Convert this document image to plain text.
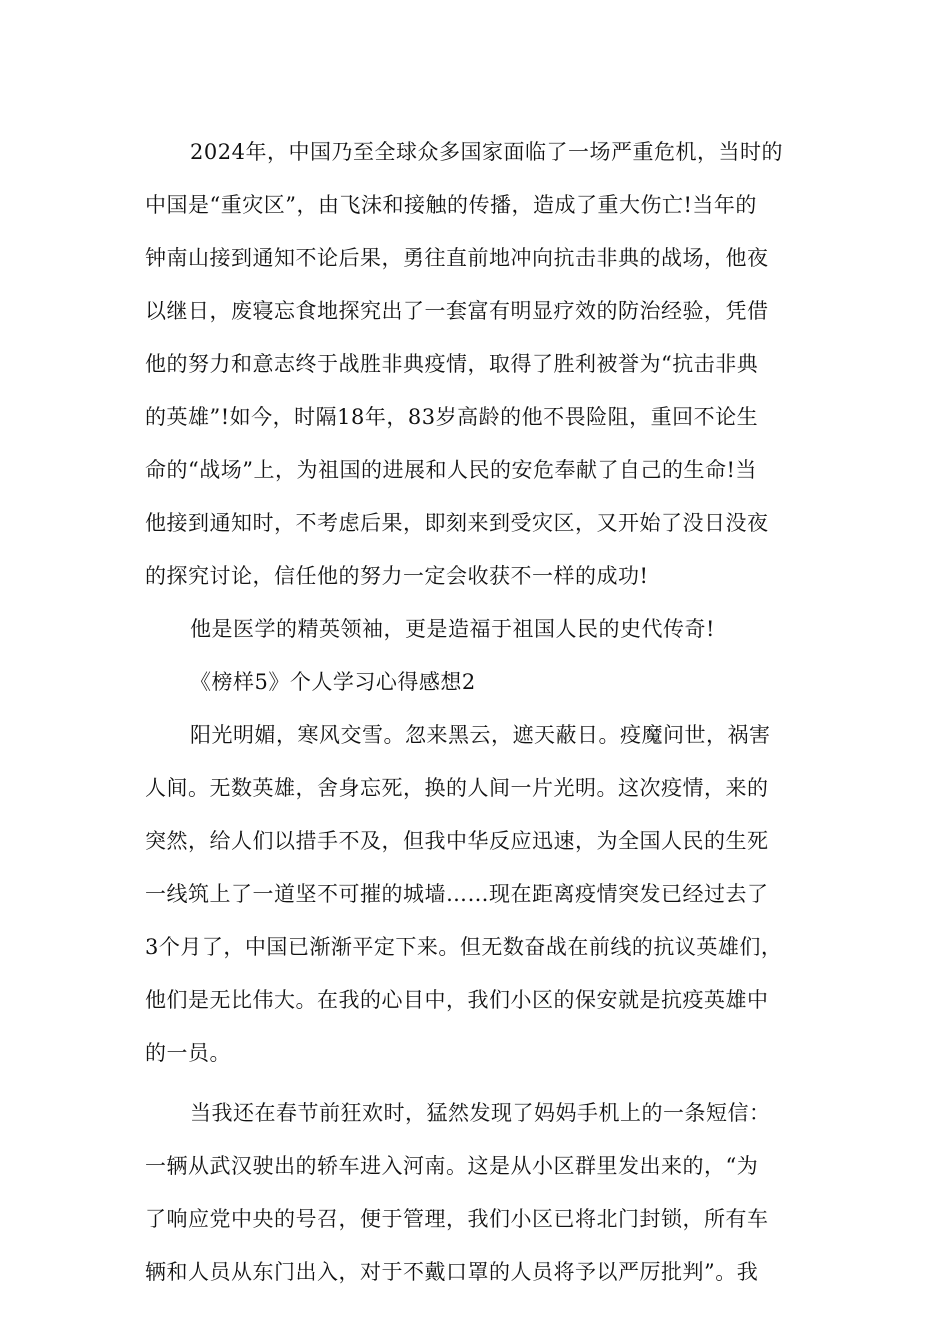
2024年，中国乃至全球众多国家面临了一场严重危机，当时的
中国是“重灾区”，由飞沫和接触的传播，造成了重大伤亡!当年的
钟南山接到通知不论后果，勇往直前地冲向抗击非典的战场，他夜
以继日，废寝忘食地探究出了一套富有明显疗效的防治经验，凭借
他的努力和意志终于战胜非典疫情，取得了胜利被誉为“抗击非典
的英雄”!如今，时隔18年，83岁高龄的他不畏险阻，重回不论生
命的“战场”上，为祖国的进展和人民的安危奉献了自己的生命!当
他接到通知时，不考虑后果，即刻来到受灾区，又开始了没日没夜
的探究讨论，信任他的努力一定会收获不一样的成功!
他是医学的精英领袖，更是造福于祖国人民的史代传奇!
《榜样5》个人学习心得感想2
阳光明媚，寒风交雪。忽来黑云，遮天蔽日。疫魔问世，祸害
人间。无数英雄，舍身忘死，换的人间一片光明。这次疫情，来的
突然，给人们以措手不及，但我中华反应迅速，为全国人民的生死
一线筑上了一道坚不可摧的城墙……现在距离疫情突发已经过去了
3个月了，中国已渐渐平定下来。但无数奋战在前线的抗议英雄们，
他们是无比伟大。在我的心目中，我们小区的保安就是抗疫英雄中
的一员。
当我还在春节前狂欢时，猛然发现了妈妈手机上的一条短信：
一辆从武汉驶出的轿车进入河南。这是从小区群里发出来的，“为
了响应党中央的号召，便于管理，我们小区已将北门封锁，所有车
辆和人员从东门出入，对于不戴口罩的人员将予以严厉批判”。我
